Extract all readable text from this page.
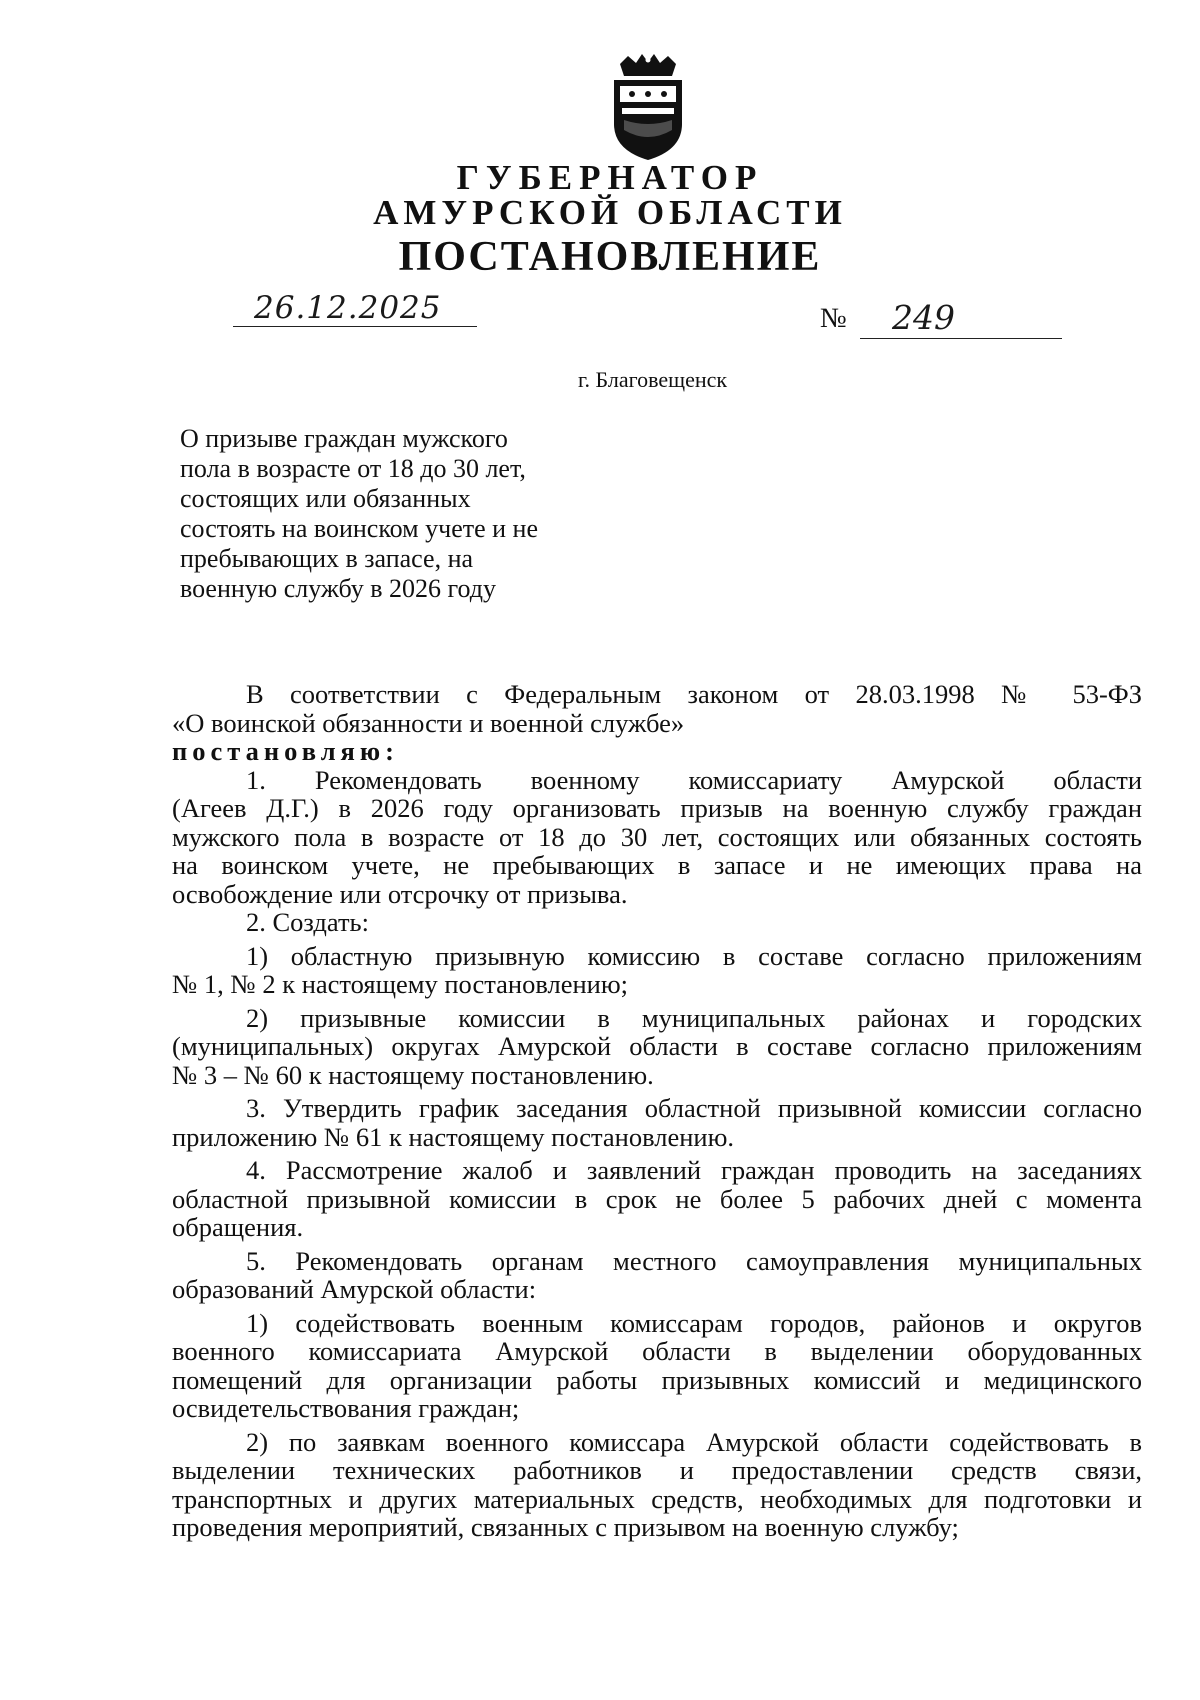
ГУБЕРНАТОР
АМУРСКОЙ ОБЛАСТИ
ПОСТАНОВЛЕНИЕ
26.12.2025	№ 249
г. Благовещенск
О призыве граждан мужского
пола в возрасте от 18 до 30 лет,
состоящих или обязанных
состоять на воинском учете и не
пребывающих в запасе, на
военную службу в 2026 году
В соответствии с Федеральным законом от 28.03.1998 № 53-ФЗ
«О воинской обязанности и военной службе»
постановляю:
1. Рекомендовать военному комиссариату Амурской области
(Агеев Д.Г.) в 2026 году организовать призыв на военную службу граждан
мужского пола в возрасте от 18 до 30 лет, состоящих или обязанных состоять
на воинском учете, не пребывающих в запасе и не имеющих права на
освобождение или отсрочку от призыва.
2. Создать:
1) областную призывную комиссию в составе согласно приложениям
№ 1, № 2 к настоящему постановлению;
2) призывные комиссии в муниципальных районах и городских
(муниципальных) округах Амурской области в составе согласно приложениям
№ 3 – № 60 к настоящему постановлению.
3. Утвердить график заседания областной призывной комиссии согласно
приложению № 61 к настоящему постановлению.
4. Рассмотрение жалоб и заявлений граждан проводить на заседаниях
областной призывной комиссии в срок не более 5 рабочих дней с момента
обращения.
5. Рекомендовать органам местного самоуправления муниципальных
образований Амурской области:
1) содействовать военным комиссарам городов, районов и округов
военного комиссариата Амурской области в выделении оборудованных
помещений для организации работы призывных комиссий и медицинского
освидетельствования граждан;
2) по заявкам военного комиссара Амурской области содействовать в
выделении технических работников и предоставлении средств связи,
транспортных и других материальных средств, необходимых для подготовки и
проведения мероприятий, связанных с призывом на военную службу;
